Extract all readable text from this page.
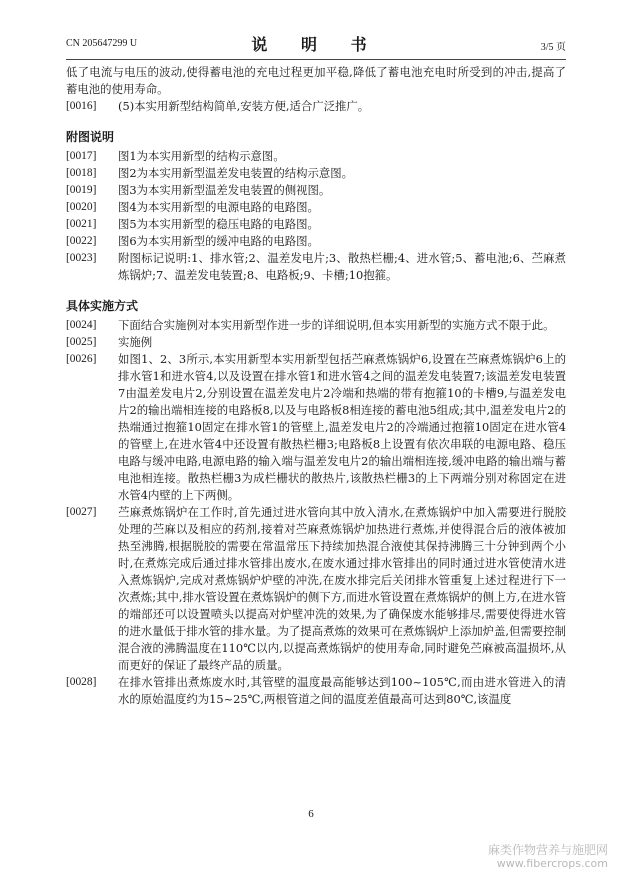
CN 205647299 U	说 明 书	3/5 页

低了电流与电压的波动,使得蓄电池的充电过程更加平稳,降低了蓄电池充电时所受到的冲击,提高了蓄电池的使用寿命。

[0016]	(5)本实用新型结构简单,安装方便,适合广泛推广。

附图说明

[0017]	图1为本实用新型的结构示意图。

[0018]	图2为本实用新型温差发电装置的结构示意图。

[0019]	图3为本实用新型温差发电装置的侧视图。

[0020]	图4为本实用新型的电源电路的电路图。

[0021]	图5为本实用新型的稳压电路的电路图。

[0022]	图6为本实用新型的缓冲电路的电路图。

[0023]	附图标记说明:1、排水管;2、温差发电片;3、散热栏栅;4、进水管;5、蓄电池;6、苎麻煮炼锅炉;7、温差发电装置;8、电路板;9、卡槽;10抱箍。

具体实施方式

[0024]	下面结合实施例对本实用新型作进一步的详细说明,但本实用新型的实施方式不限于此。

[0025]	实施例

[0026]	如图1、2、3所示,本实用新型本实用新型包括苎麻煮炼锅炉6,设置在苎麻煮炼锅炉6上的排水管1和进水管4,以及设置在排水管1和进水管4之间的温差发电装置7;该温差发电装置7由温差发电片2,分别设置在温差发电片2冷端和热端的带有抱箍10的卡槽9,与温差发电片2的输出端相连接的电路板8,以及与电路板8相连接的蓄电池5组成;其中,温差发电片2的热端通过抱箍10固定在排水管1的管壁上,温差发电片2的冷端通过抱箍10固定在进水管4的管壁上,在进水管4中还设置有散热栏栅3;电路板8上设置有依次串联的电源电路、稳压电路与缓冲电路,电源电路的输入端与温差发电片2的输出端相连接,缓冲电路的输出端与蓄电池相连接。散热栏栅3为成栏栅状的散热片,该散热栏栅3的上下两端分别对称固定在进水管4内壁的上下两侧。

[0027]	苎麻煮炼锅炉在工作时,首先通过进水管向其中放入清水,在煮炼锅炉中加入需要进行脱胶处理的苎麻以及相应的药剂,接着对苎麻煮炼锅炉加热进行煮炼,并使得混合后的液体被加热至沸腾,根据脱胶的需要在常温常压下持续加热混合液使其保持沸腾三十分钟到两个小时,在煮炼完成后通过排水管排出废水,在废水通过排水管排出的同时通过进水管使清水进入煮炼锅炉,完成对煮炼锅炉炉壁的冲洗,在废水排完后关闭排水管重复上述过程进行下一次煮炼;其中,排水管设置在煮炼锅炉的侧下方,而进水管设置在煮炼锅炉的侧上方,在进水管的端部还可以设置喷头以提高对炉壁冲洗的效果,为了确保废水能够排尽,需要使得进水管的进水量低于排水管的排水量。为了提高煮炼的效果可在煮炼锅炉上添加炉盖,但需要控制混合液的沸腾温度在110℃以内,以提高煮炼锅炉的使用寿命,同时避免苎麻被高温损坏,从而更好的保证了最终产品的质量。

[0028]	在排水管排出煮炼废水时,其管壁的温度最高能够达到100~105℃,而由进水管进入的清水的原始温度约为15~25℃,两根管道之间的温度差值最高可达到80℃,该温度

6
麻类作物营养与施肥网
www.fibercrops.com
